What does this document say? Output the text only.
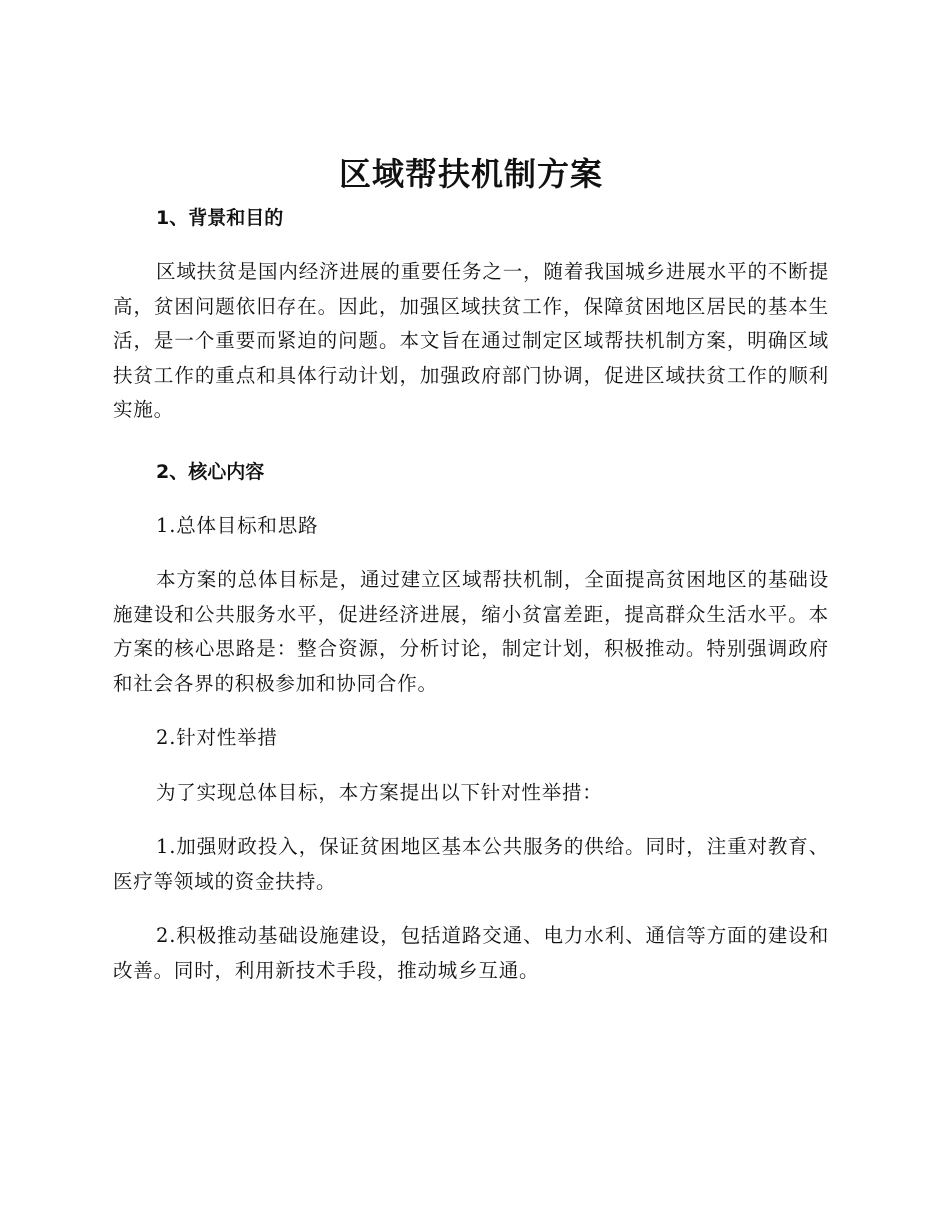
区域帮扶机制方案
1、背景和目的

区域扶贫是国内经济进展的重要任务之一，随着我国城乡进展水平的不断提高，贫困问题依旧存在。因此，加强区域扶贫工作，保障贫困地区居民的基本生活，是一个重要而紧迫的问题。本文旨在通过制定区域帮扶机制方案，明确区域扶贫工作的重点和具体行动计划，加强政府部门协调，促进区域扶贫工作的顺利实施。

2、核心内容

1.总体目标和思路

本方案的总体目标是，通过建立区域帮扶机制，全面提高贫困地区的基础设施建设和公共服务水平，促进经济进展，缩小贫富差距，提高群众生活水平。本方案的核心思路是：整合资源，分析讨论，制定计划，积极推动。特别强调政府和社会各界的积极参加和协同合作。

2.针对性举措

为了实现总体目标，本方案提出以下针对性举措：

1.加强财政投入，保证贫困地区基本公共服务的供给。同时，注重对教育、医疗等领域的资金扶持。

2.积极推动基础设施建设，包括道路交通、电力水利、通信等方面的建设和改善。同时，利用新技术手段，推动城乡互通。
